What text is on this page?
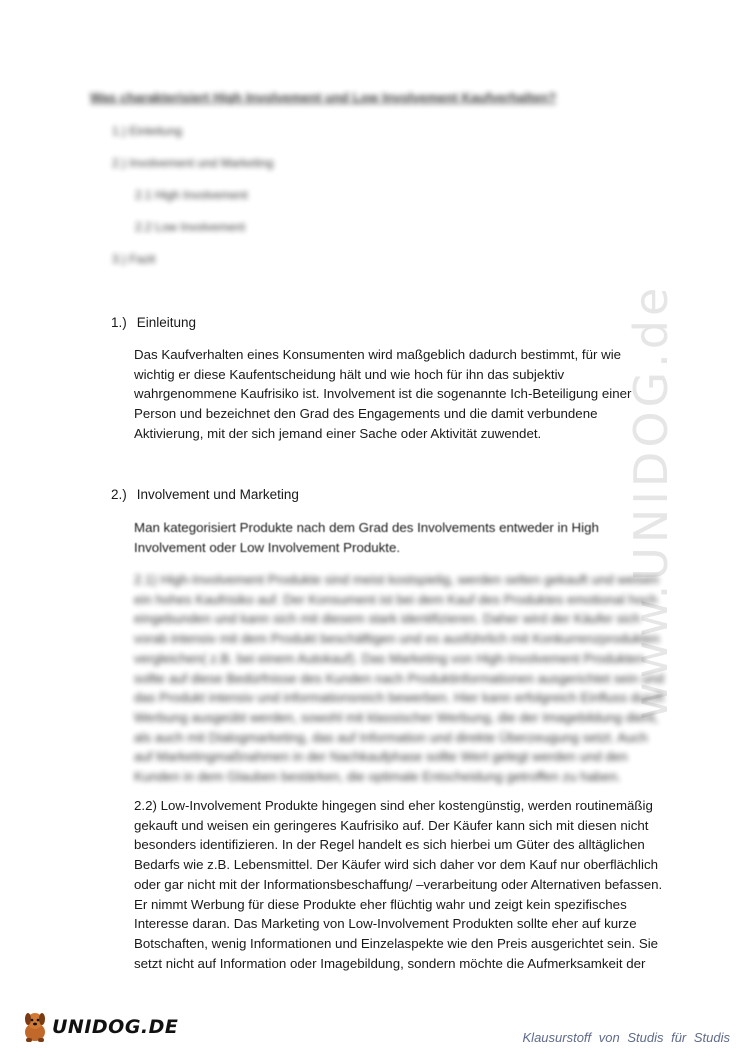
www.UNIDOG.de
Was charakterisiert High Involvement und Low Involvement Kaufverhalten?
1.) Einleitung
2.) Involvement und Marketing
2.1 High Involvement
2.2 Low Involvement
3.) Fazit
1.) Einleitung

Das Kaufverhalten eines Konsumenten wird maßgeblich dadurch bestimmt, für wie wichtig er diese Kaufentscheidung hält und wie hoch für ihn das subjektiv wahrgenommene Kaufrisiko ist. Involvement ist die sogenannte Ich-Beteiligung einer Person und bezeichnet den Grad des Engagements und die damit verbundene Aktivierung, mit der sich jemand einer Sache oder Aktivität zuwendet.

2.) Involvement und Marketing

Man kategorisiert Produkte nach dem Grad des Involvements entweder in High Involvement oder Low Involvement Produkte.

2.1) High-Involvement Produkte sind meist kostspielig, werden selten gekauft und weisen ein hohes Kaufrisiko auf. Der Konsument ist bei dem Kauf des Produktes emotional hoch eingebunden und kann sich mit diesem stark identifizieren. Daher wird der Käufer sich vorab intensiv mit dem Produkt beschäftigen und es ausführlich mit Konkurrenzprodukten vergleichen( z.B. bei einem Autokauf). Das Marketing von High-Involvement Produkten sollte auf diese Bedürfnisse des Kunden nach Produktinformationen ausgerichtet sein und das Produkt intensiv und informationsreich bewerben. Hier kann erfolgreich Einfluss durch Werbung ausgeübt werden, sowohl mit klassischer Werbung, die der Imagebildung dient, als auch mit Dialogmarketing, das auf Information und direkte Überzeugung setzt. Auch auf Marketingmaßnahmen in der Nachkaufphase sollte Wert gelegt werden und den Kunden in dem Glauben bestärken, die optimale Entscheidung getroffen zu haben.

2.2) Low-Involvement Produkte hingegen sind eher kostengünstig, werden routinemäßig gekauft und weisen ein geringeres Kaufrisiko auf. Der Käufer kann sich mit diesen nicht besonders identifizieren. In der Regel handelt es sich hierbei um Güter des alltäglichen Bedarfs wie z.B. Lebensmittel. Der Käufer wird sich daher vor dem Kauf nur oberflächlich oder gar nicht mit der Informationsbeschaffung/ –verarbeitung oder Alternativen befassen. Er nimmt Werbung für diese Produkte eher flüchtig wahr und zeigt kein spezifisches Interesse daran. Das Marketing von Low-Involvement Produkten sollte eher auf kurze Botschaften, wenig Informationen und Einzelaspekte wie den Preis ausgerichtet sein. Sie setzt nicht auf Information oder Imagebildung, sondern möchte die Aufmerksamkeit der

UNIDOG.DE	Klausurstoff von Studis für Studis
